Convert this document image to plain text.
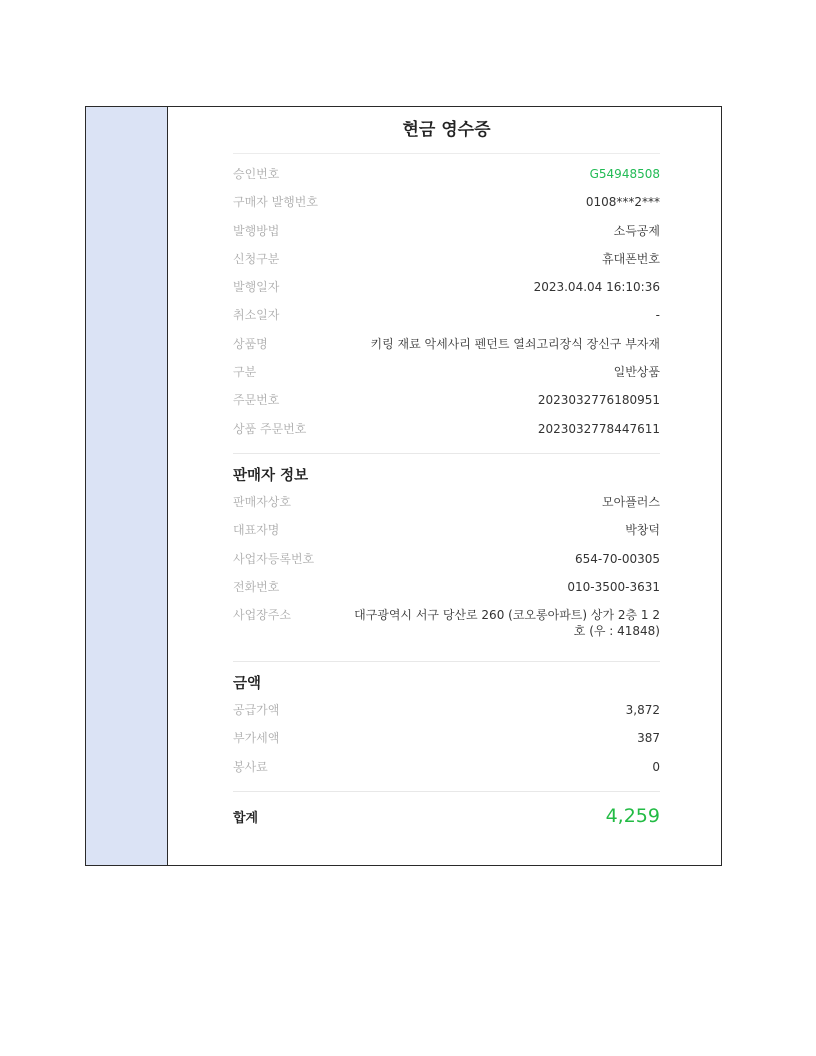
현금 영수증
승인번호	G54948508
구매자 발행번호	0108***2***
발행방법	소득공제
신청구분	휴대폰번호
발행일자	2023.04.04 16:10:36
취소일자	-
상품명	키링 재료 악세사리 펜던트 열쇠고리장식 장신구 부자재
구분	일반상품
주문번호	2023032776180951
상품 주문번호	2023032778447611
판매자 정보
판매자상호	모아플러스
대표자명	박창덕
사업자등록번호	654-70-00305
전화번호	010-3500-3631
사업장주소	대구광역시 서구 당산로 260 (코오롱아파트) 상가 2층 1 2호 (우 : 41848)
금액
공급가액	3,872
부가세액	387
봉사료	0
합계	4,259
